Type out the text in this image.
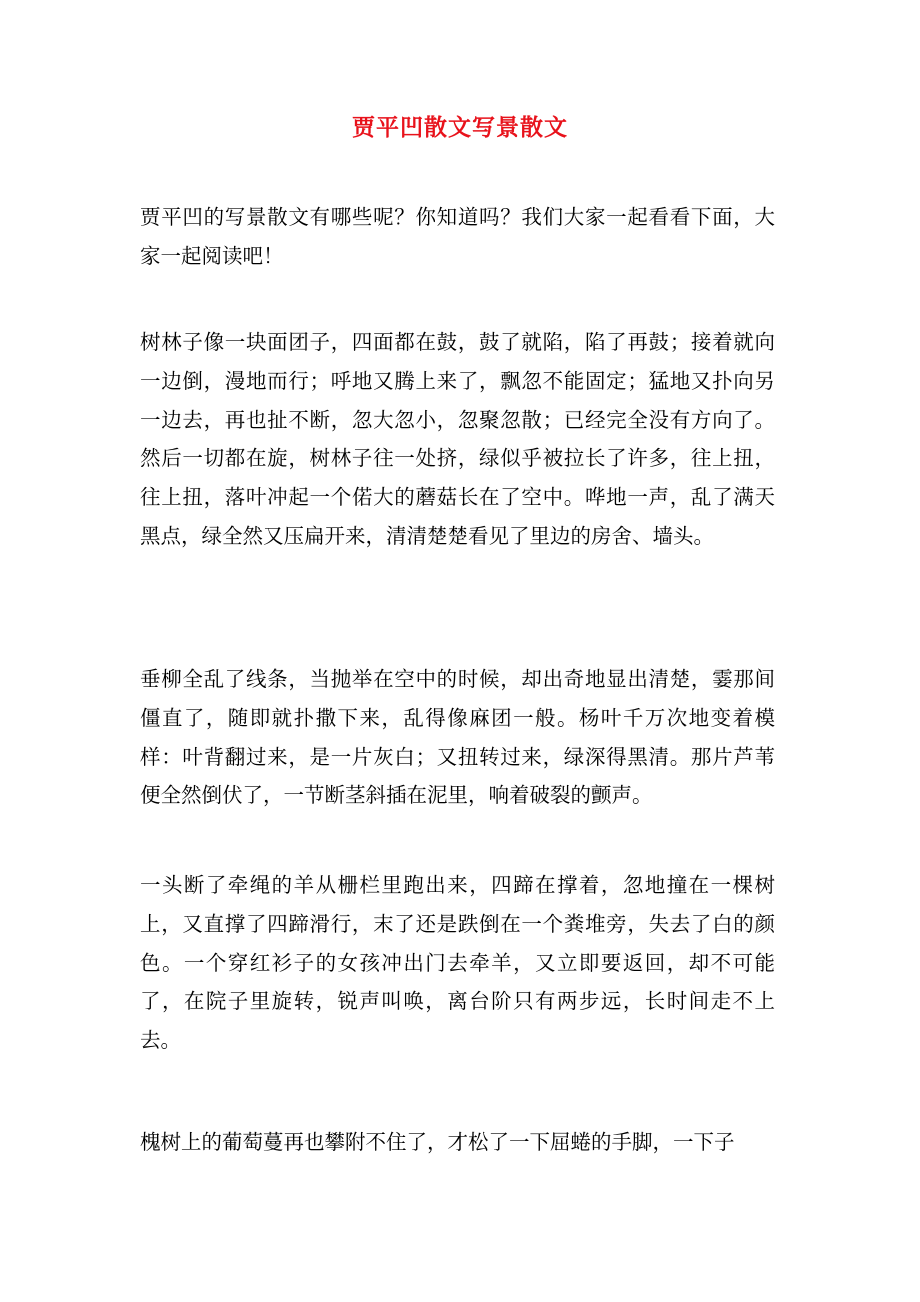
贾平凹散文写景散文

贾平凹的写景散文有哪些呢？你知道吗？我们大家一起看看下面，大家一起阅读吧！

树林子像一块面团子，四面都在鼓，鼓了就陷，陷了再鼓；接着就向一边倒，漫地而行；呼地又腾上来了，飘忽不能固定；猛地又扑向另一边去，再也扯不断，忽大忽小，忽聚忽散；已经完全没有方向了。然后一切都在旋，树林子往一处挤，绿似乎被拉长了许多，往上扭，往上扭，落叶冲起一个偌大的蘑菇长在了空中。哗地一声，乱了满天黑点，绿全然又压扁开来，清清楚楚看见了里边的房舍、墙头。

垂柳全乱了线条，当抛举在空中的时候，却出奇地显出清楚，霎那间僵直了，随即就扑撒下来，乱得像麻团一般。杨叶千万次地变着模样：叶背翻过来，是一片灰白；又扭转过来，绿深得黑清。那片芦苇便全然倒伏了，一节断茎斜插在泥里，响着破裂的颤声。

一头断了牵绳的羊从栅栏里跑出来，四蹄在撑着，忽地撞在一棵树上，又直撑了四蹄滑行，末了还是跌倒在一个粪堆旁，失去了白的颜色。一个穿红衫子的女孩冲出门去牵羊，又立即要返回，却不可能了，在院子里旋转，锐声叫唤，离台阶只有两步远，长时间走不上去。

槐树上的葡萄蔓再也攀附不住了，才松了一下屈蜷的手脚，一下子
